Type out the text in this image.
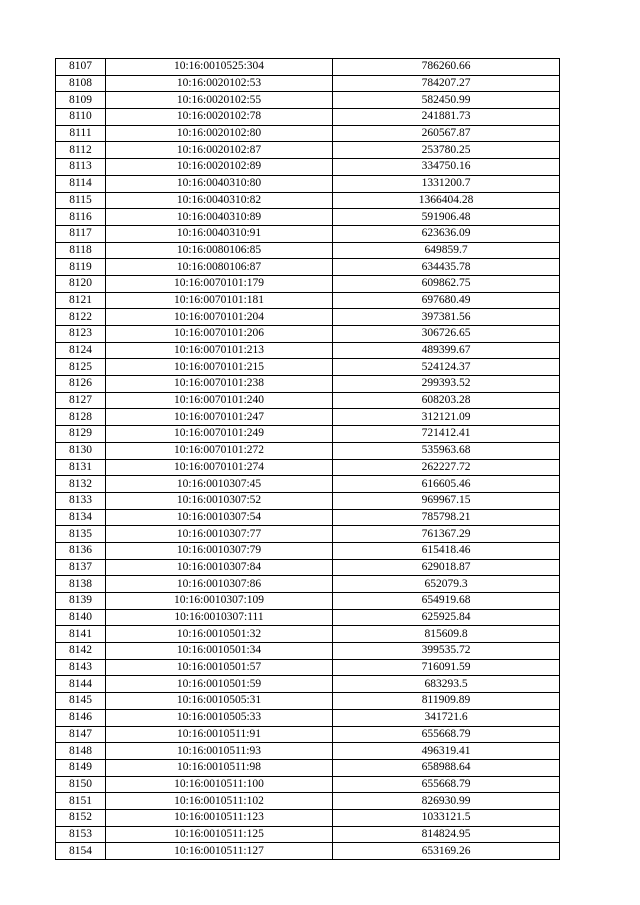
8107	10:16:0010525:304	786260.66
8108	10:16:0020102:53	784207.27
8109	10:16:0020102:55	582450.99
8110	10:16:0020102:78	241881.73
8111	10:16:0020102:80	260567.87
8112	10:16:0020102:87	253780.25
8113	10:16:0020102:89	334750.16
8114	10:16:0040310:80	1331200.7
8115	10:16:0040310:82	1366404.28
8116	10:16:0040310:89	591906.48
8117	10:16:0040310:91	623636.09
8118	10:16:0080106:85	649859.7
8119	10:16:0080106:87	634435.78
8120	10:16:0070101:179	609862.75
8121	10:16:0070101:181	697680.49
8122	10:16:0070101:204	397381.56
8123	10:16:0070101:206	306726.65
8124	10:16:0070101:213	489399.67
8125	10:16:0070101:215	524124.37
8126	10:16:0070101:238	299393.52
8127	10:16:0070101:240	608203.28
8128	10:16:0070101:247	312121.09
8129	10:16:0070101:249	721412.41
8130	10:16:0070101:272	535963.68
8131	10:16:0070101:274	262227.72
8132	10:16:0010307:45	616605.46
8133	10:16:0010307:52	969967.15
8134	10:16:0010307:54	785798.21
8135	10:16:0010307:77	761367.29
8136	10:16:0010307:79	615418.46
8137	10:16:0010307:84	629018.87
8138	10:16:0010307:86	652079.3
8139	10:16:0010307:109	654919.68
8140	10:16:0010307:111	625925.84
8141	10:16:0010501:32	815609.8
8142	10:16:0010501:34	399535.72
8143	10:16:0010501:57	716091.59
8144	10:16:0010501:59	683293.5
8145	10:16:0010505:31	811909.89
8146	10:16:0010505:33	341721.6
8147	10:16:0010511:91	655668.79
8148	10:16:0010511:93	496319.41
8149	10:16:0010511:98	658988.64
8150	10:16:0010511:100	655668.79
8151	10:16:0010511:102	826930.99
8152	10:16:0010511:123	1033121.5
8153	10:16:0010511:125	814824.95
8154	10:16:0010511:127	653169.26
